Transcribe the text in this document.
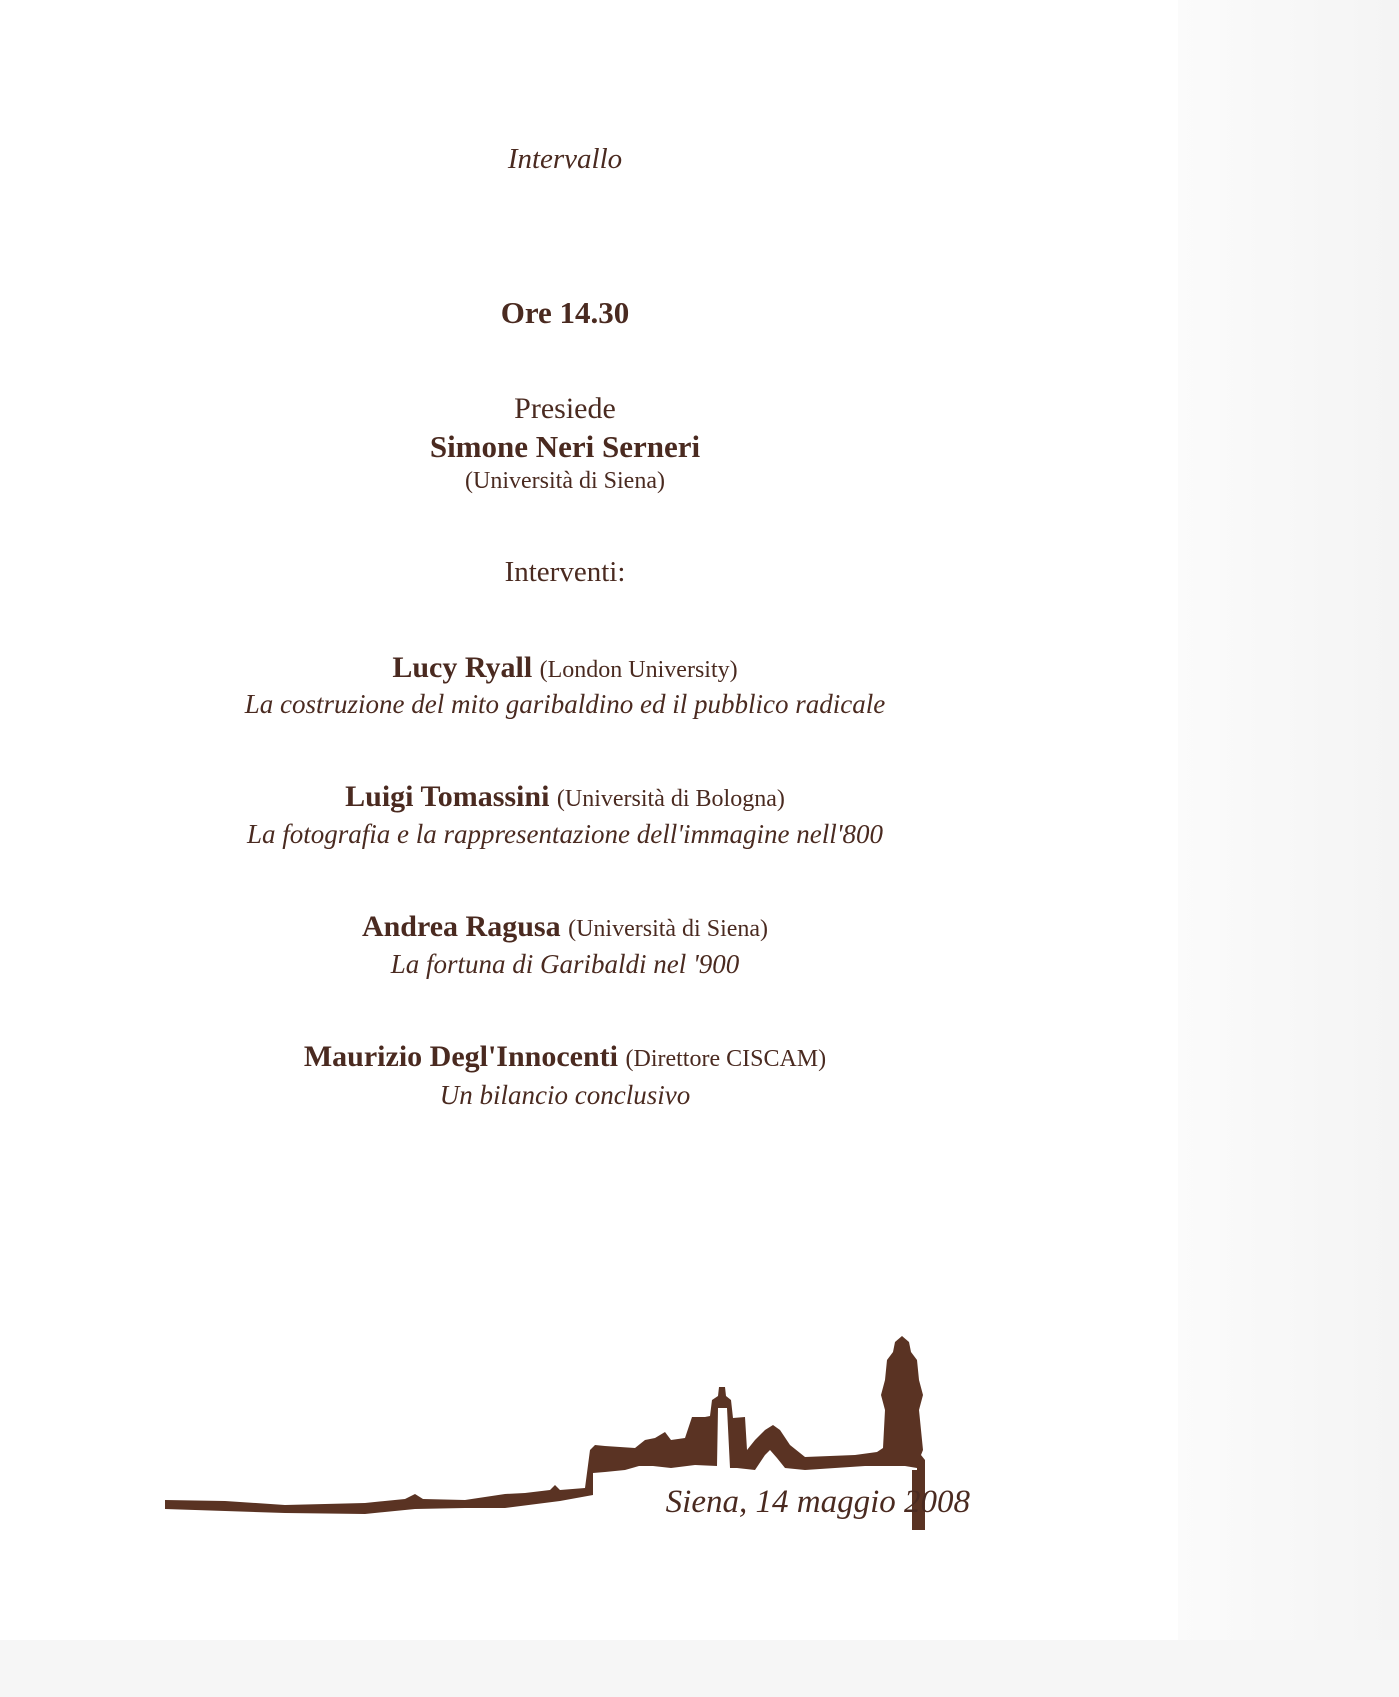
Intervallo
Ore 14.30
Presiede
Simone Neri Serneri
(Università di Siena)
Interventi:
Lucy Ryall (London University)
La costruzione del mito garibaldino ed il pubblico radicale
Luigi Tomassini (Università di Bologna)
La fotografia e la rappresentazione dell'immagine nell'800
Andrea Ragusa (Università di Siena)
La fortuna di Garibaldi nel '900
Maurizio Degl'Innocenti (Direttore CISCAM)
Un bilancio conclusivo
Siena, 14 maggio 2008
